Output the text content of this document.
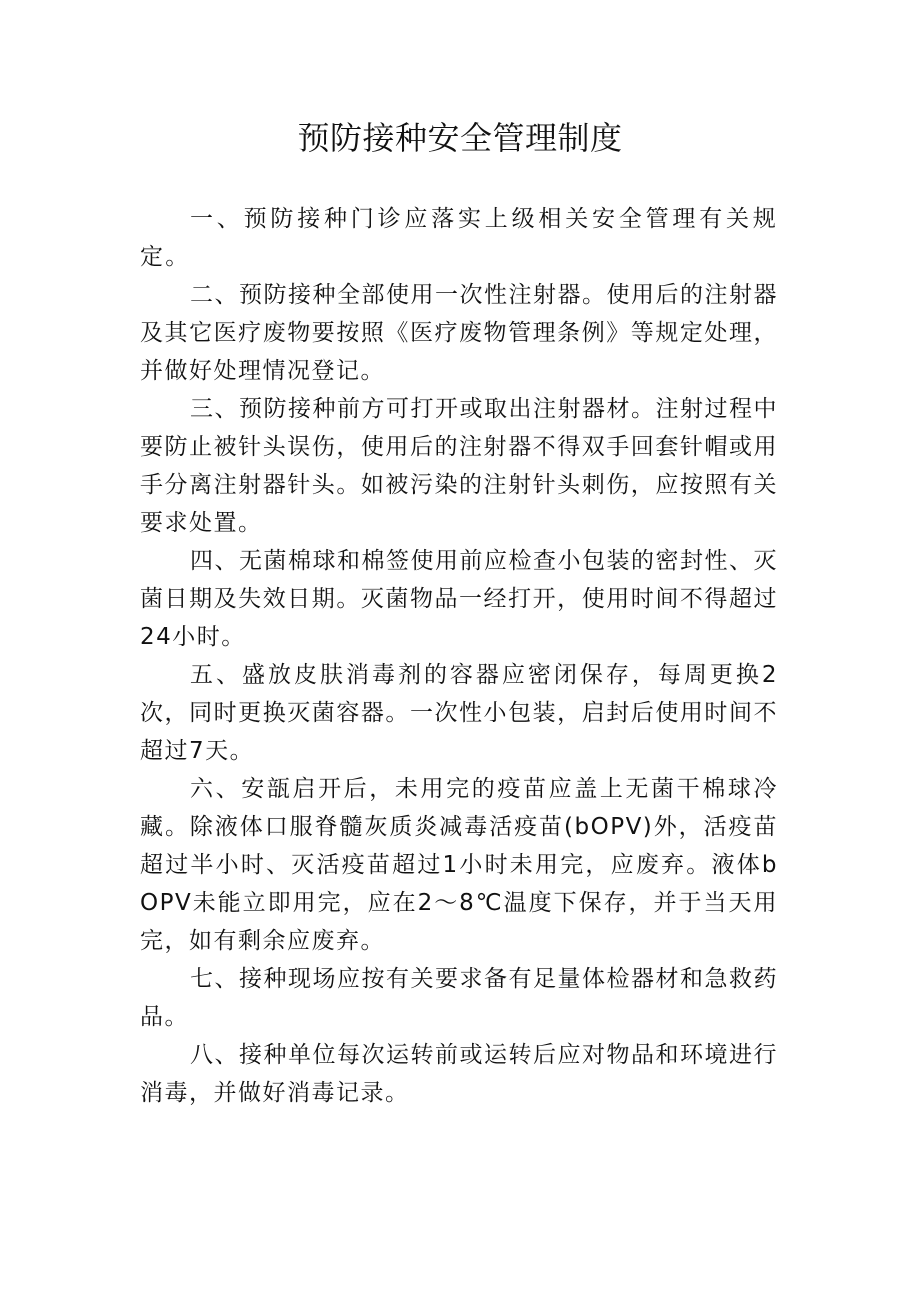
预防接种安全管理制度

一、预防接种门诊应落实上级相关安全管理有关规定。

二、预防接种全部使用一次性注射器。使用后的注射器及其它医疗废物要按照《医疗废物管理条例》等规定处理，并做好处理情况登记。

三、预防接种前方可打开或取出注射器材。注射过程中要防止被针头误伤，使用后的注射器不得双手回套针帽或用手分离注射器针头。如被污染的注射针头刺伤，应按照有关要求处置。

四、无菌棉球和棉签使用前应检查小包装的密封性、灭菌日期及失效日期。灭菌物品一经打开，使用时间不得超过24小时。

五、盛放皮肤消毒剂的容器应密闭保存，每周更换2次，同时更换灭菌容器。一次性小包装，启封后使用时间不超过7天。

六、安瓿启开后，未用完的疫苗应盖上无菌干棉球冷藏。除液体口服脊髓灰质炎减毒活疫苗(bOPV)外，活疫苗超过半小时、灭活疫苗超过1小时未用完，应废弃。液体bOPV未能立即用完，应在2～8℃温度下保存，并于当天用完，如有剩余应废弃。

七、接种现场应按有关要求备有足量体检器材和急救药品。

八、接种单位每次运转前或运转后应对物品和环境进行消毒，并做好消毒记录。
